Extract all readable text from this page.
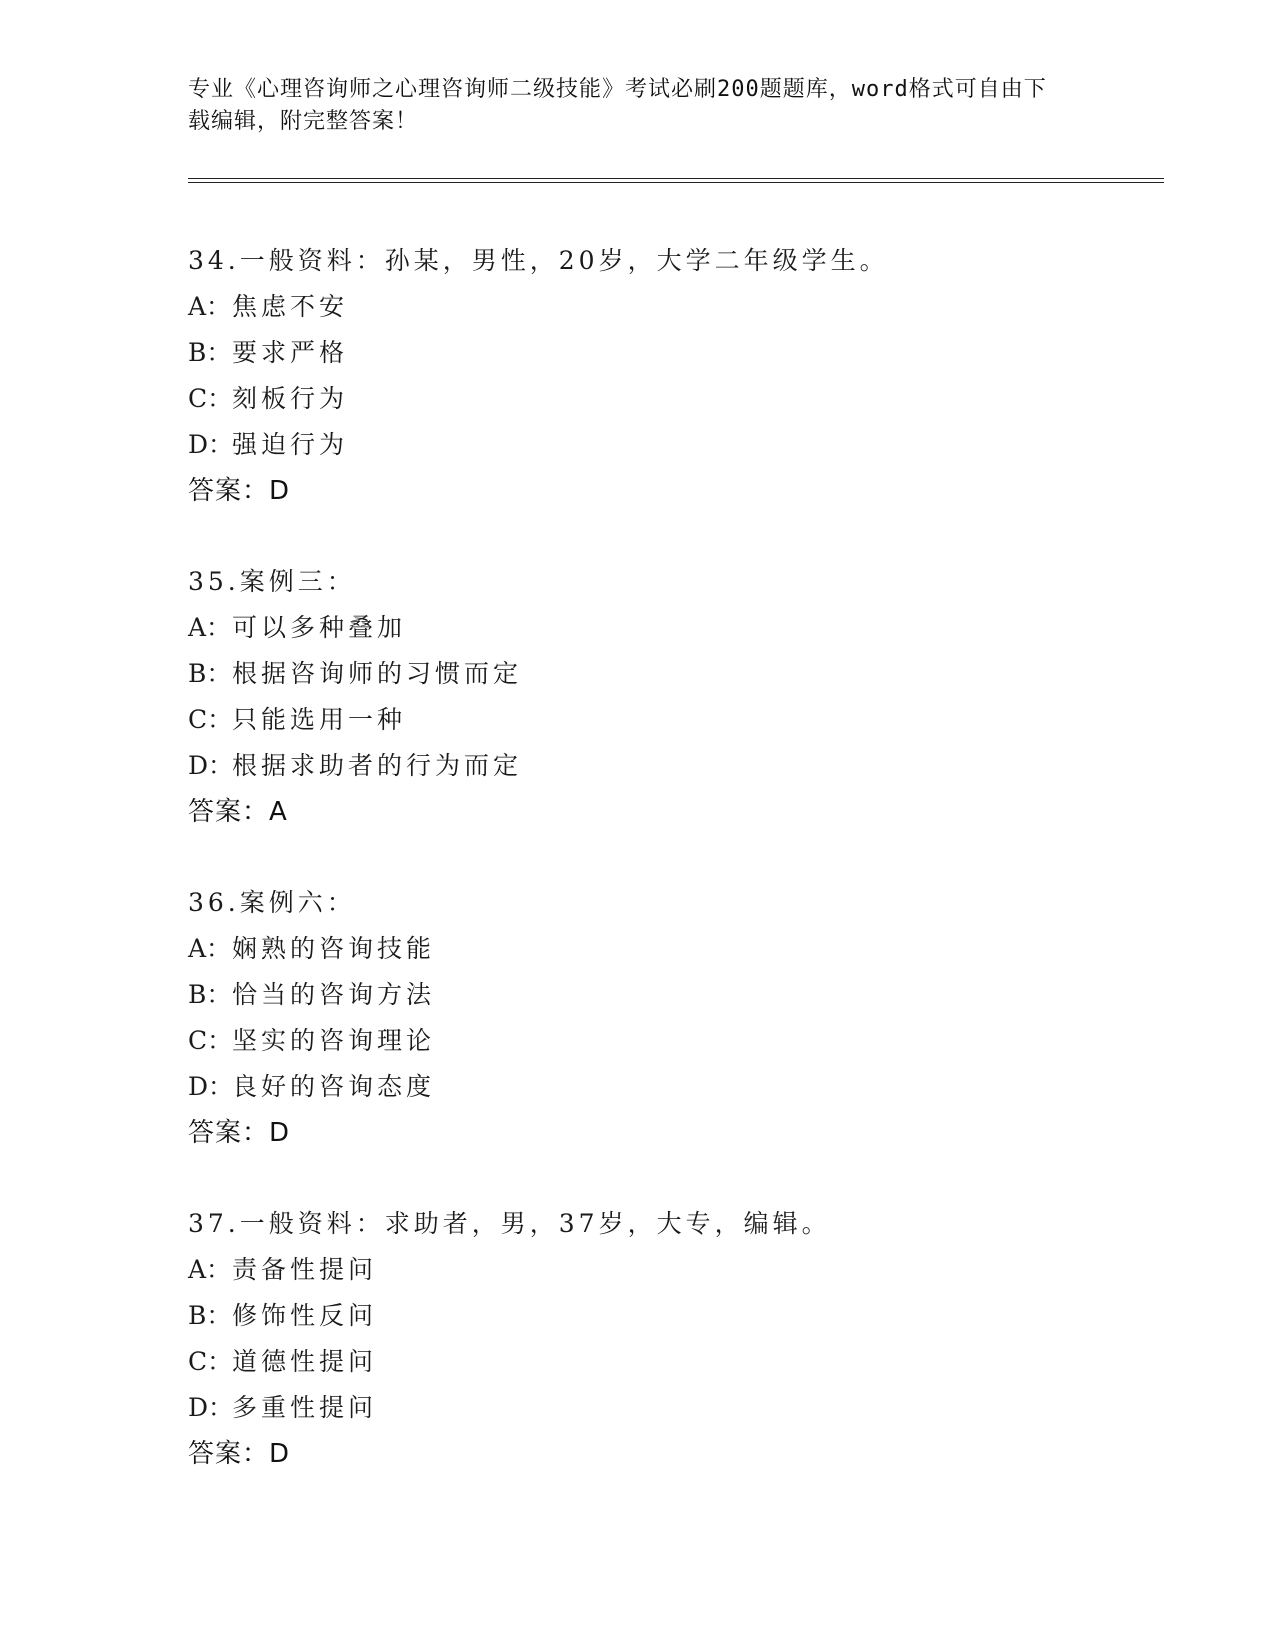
专业《心理咨询师之心理咨询师二级技能》考试必刷200题题库，word格式可自由下载编辑，附完整答案！
34.一般资料：孙某，男性，20岁，大学二年级学生。
A：焦虑不安
B：要求严格
C：刻板行为
D：强迫行为
答案：D
35.案例三：
A：可以多种叠加
B：根据咨询师的习惯而定
C：只能选用一种
D：根据求助者的行为而定
答案：A
36.案例六：
A：娴熟的咨询技能
B：恰当的咨询方法
C：坚实的咨询理论
D：良好的咨询态度
答案：D
37.一般资料：求助者，男，37岁，大专，编辑。
A：责备性提问
B：修饰性反问
C：道德性提问
D：多重性提问
答案：D
